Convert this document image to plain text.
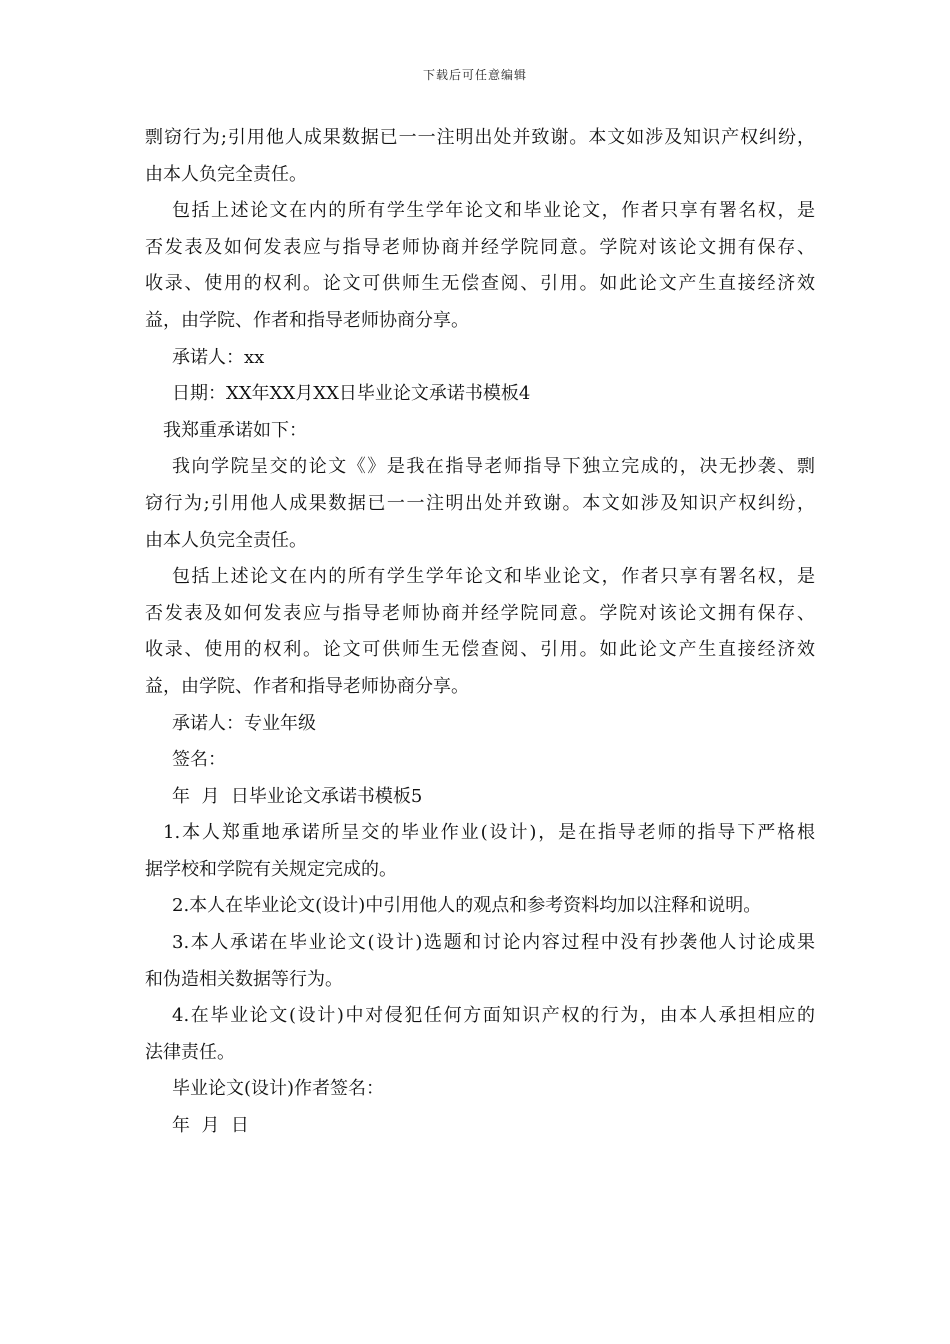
下载后可任意编辑
剽窃行为;引用他人成果数据已一一注明出处并致谢。本文如涉及知识产权纠纷，
由本人负完全责任。
包括上述论文在内的所有学生学年论文和毕业论文，作者只享有署名权，是
否发表及如何发表应与指导老师协商并经学院同意。学院对该论文拥有保存、
收录、使用的权利。论文可供师生无偿查阅、引用。如此论文产生直接经济效
益，由学院、作者和指导老师协商分享。
承诺人：xx
日期：XX年XX月XX日毕业论文承诺书模板4
我郑重承诺如下：
我向学院呈交的论文《》是我在指导老师指导下独立完成的，决无抄袭、剽
窃行为;引用他人成果数据已一一注明出处并致谢。本文如涉及知识产权纠纷，
由本人负完全责任。
包括上述论文在内的所有学生学年论文和毕业论文，作者只享有署名权，是
否发表及如何发表应与指导老师协商并经学院同意。学院对该论文拥有保存、
收录、使用的权利。论文可供师生无偿查阅、引用。如此论文产生直接经济效
益，由学院、作者和指导老师协商分享。
承诺人：专业年级
签名：
年  月  日毕业论文承诺书模板5
1.本人郑重地承诺所呈交的毕业作业(设计)，是在指导老师的指导下严格根
据学校和学院有关规定完成的。
2.本人在毕业论文(设计)中引用他人的观点和参考资料均加以注释和说明。
3.本人承诺在毕业论文(设计)选题和讨论内容过程中没有抄袭他人讨论成果
和伪造相关数据等行为。
4.在毕业论文(设计)中对侵犯任何方面知识产权的行为，由本人承担相应的
法律责任。
毕业论文(设计)作者签名：
年  月  日
